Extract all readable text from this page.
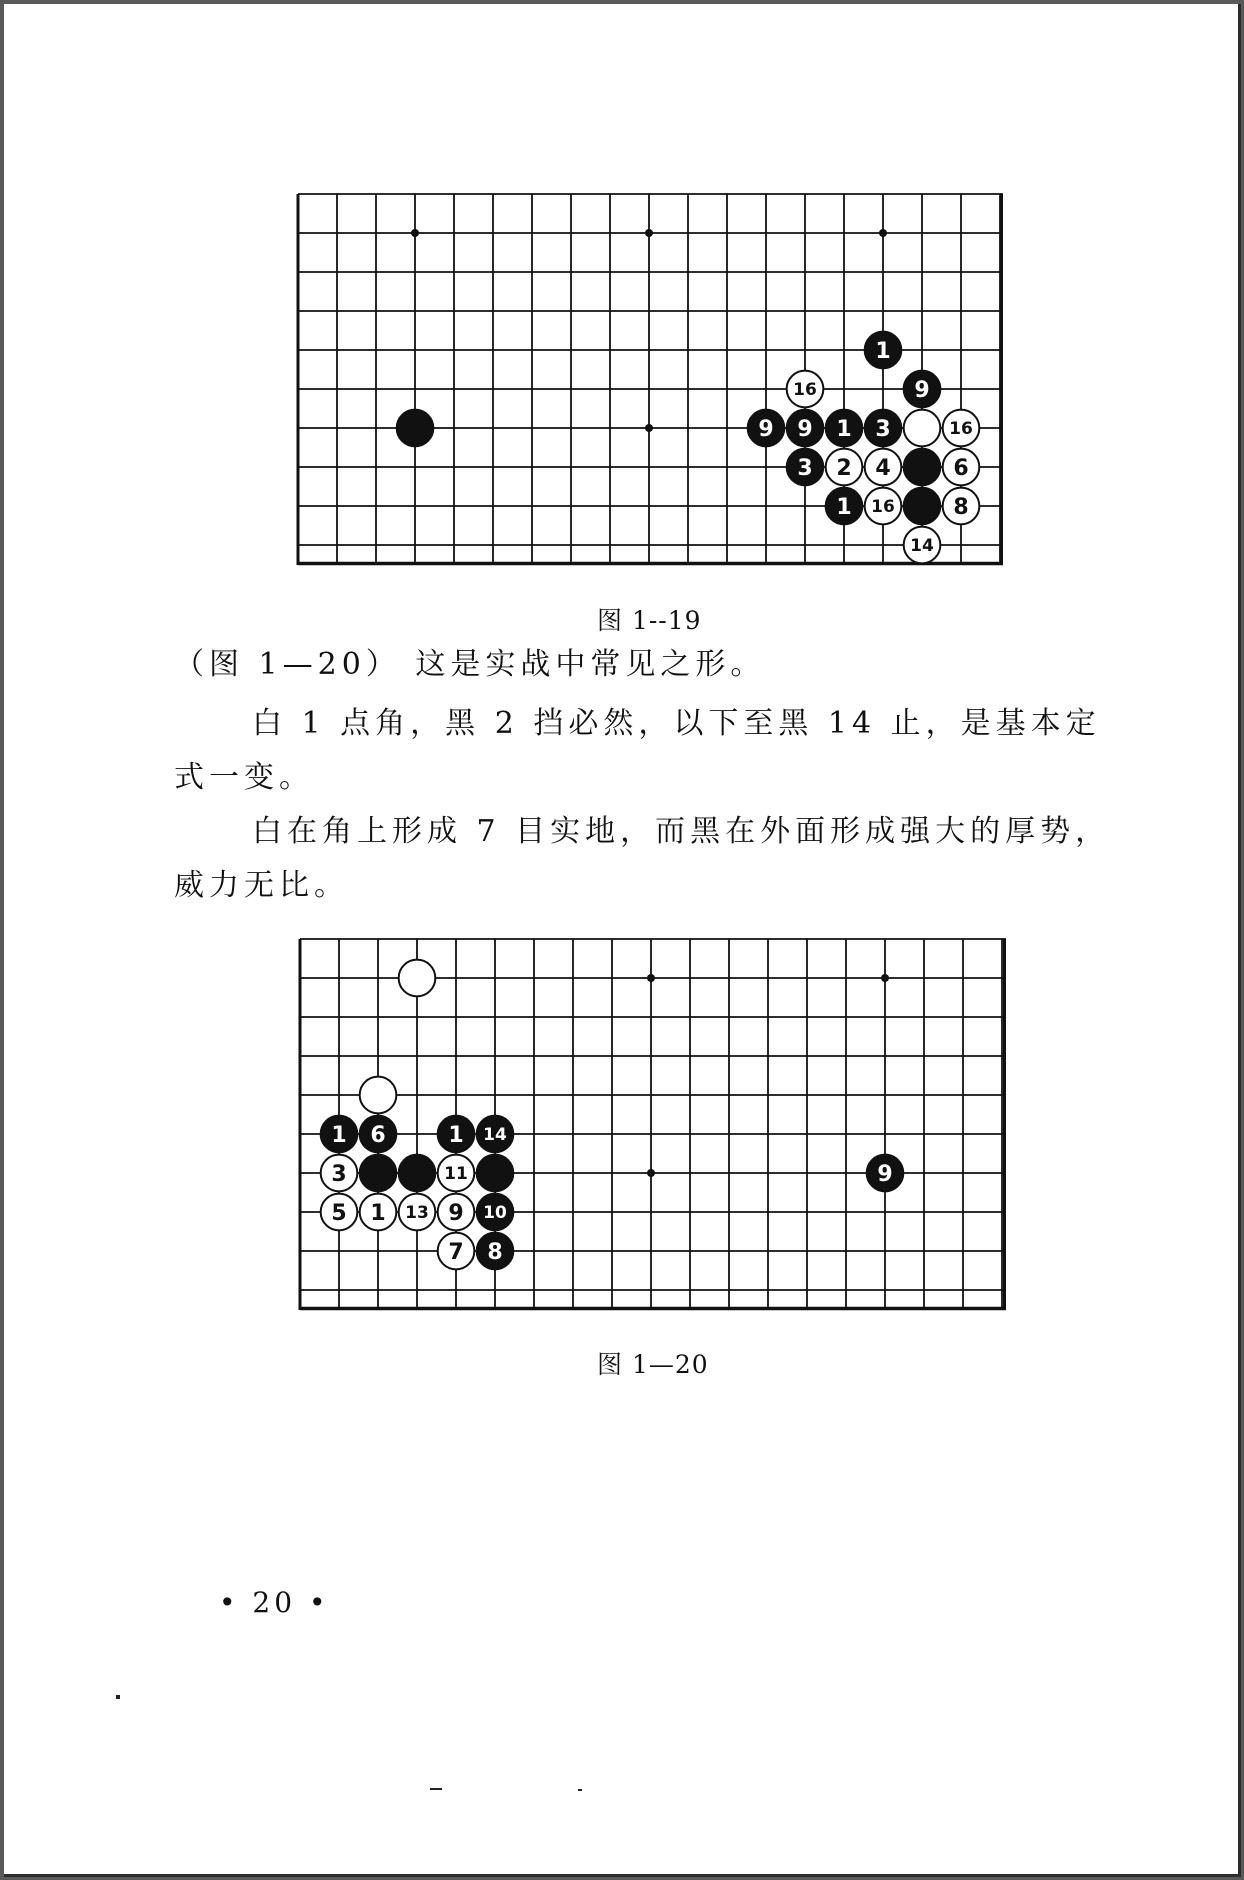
1
16	9
9 9 1 3	16
3 2 4	6
1 16	8
14
图 1--19
（图 1—20） 这是实战中常见之形。
白 1 点角，黑 2 挡必然，以下至黑 14 止，是基本定式一变。
白在角上形成 7 目实地，而黑在外面形成强大的厚势，威力无比。
1 6	1 14
3	11	9
5 1 13 9 10
7 8
图 1—20
• 20 •
